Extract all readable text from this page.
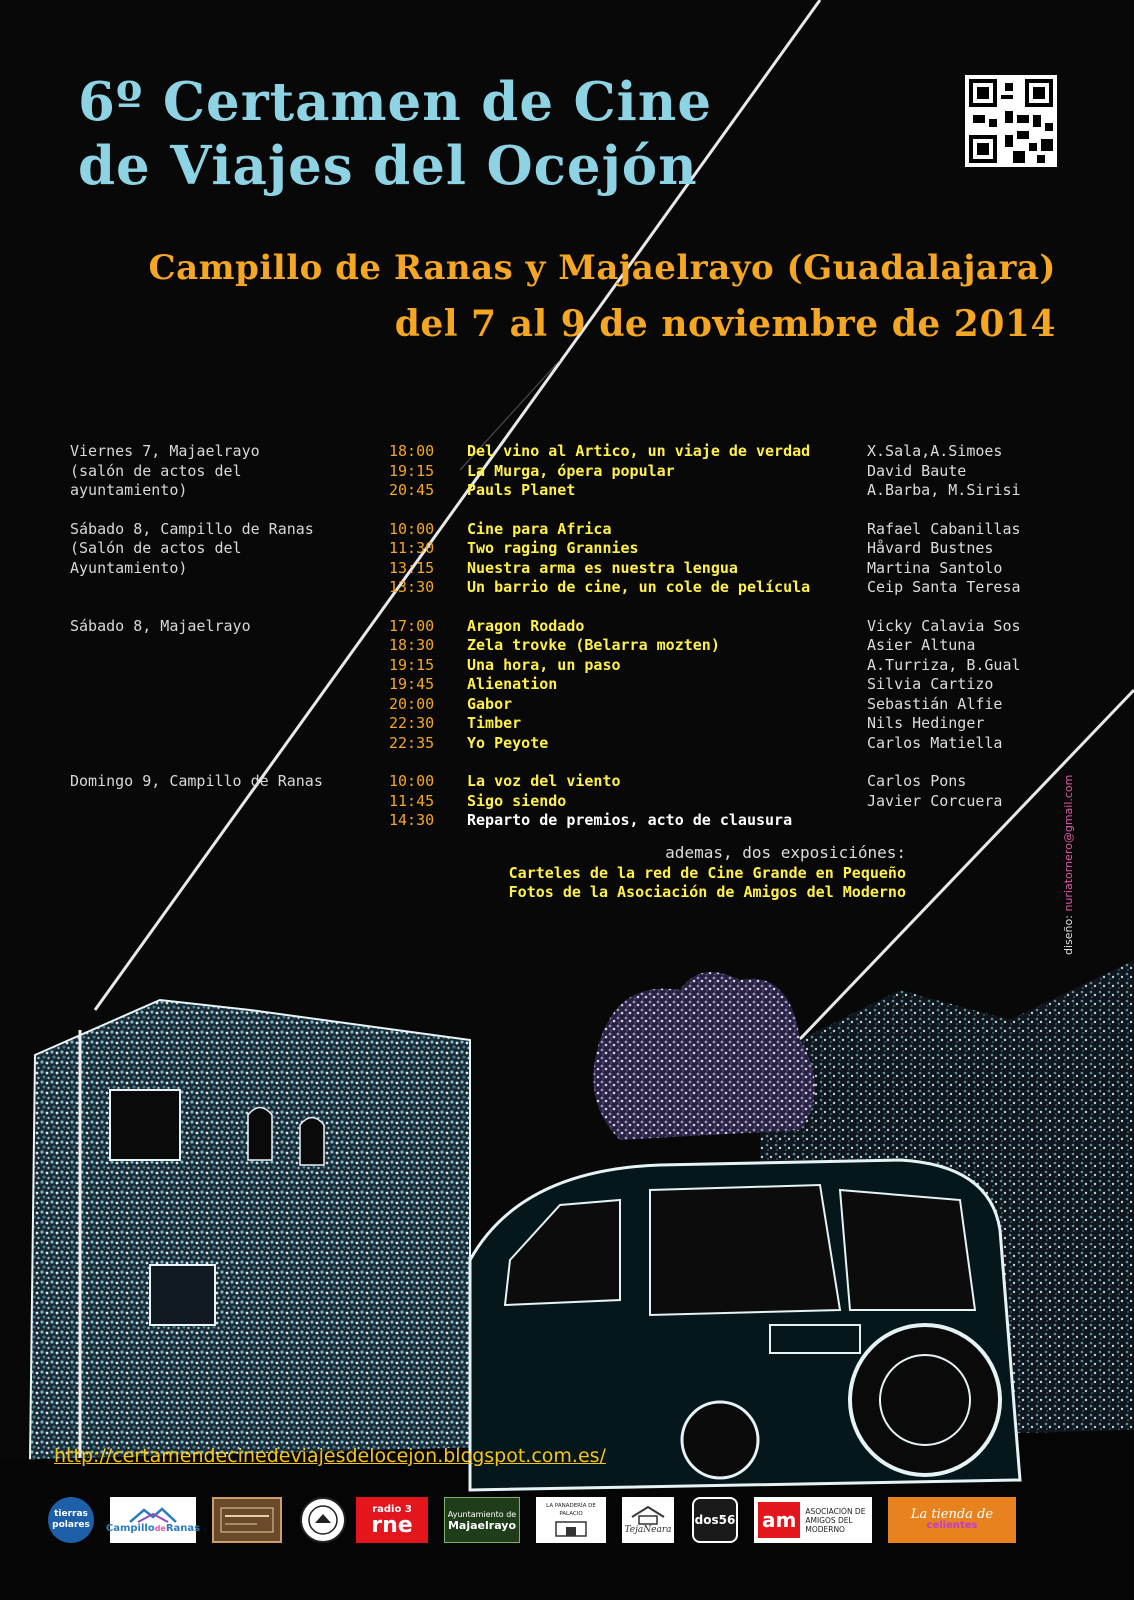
6º Certamen de Cine
de Viajes del Ocejón
Campillo de Ranas y Majaelrayo (Guadalajara)
del 7 al 9 de noviembre de 2014
Viernes 7, Majaelrayo
(salón de actos del
ayuntamiento)
18:00 Del vino al Artico, un viaje de verdad	X.Sala,A.Simoes
19:15 La Murga, ópera popular	David Baute
20:45 Pauls Planet	A.Barba, M.Sirisi
Sábado 8, Campillo de Ranas
(Salón de actos del
Ayuntamiento)
10:00 Cine para Africa	Rafael Cabanillas
11:30 Two raging Grannies	Håvard Bustnes
13:15 Nuestra arma es nuestra lengua	Martina Santolo
13:30 Un barrio de cine, un cole de película	Ceip Santa Teresa
Sábado 8, Majaelrayo	17:00 Aragon Rodado	Vicky Calavia Sos
18:30 Zela trovke (Belarra mozten)	Asier Altuna
19:15 Una hora, un paso	A.Turriza, B.Gual
19:45 Alienation	Silvia Cartizo
20:00 Gabor	Sebastián Alfie
22:30 Timber	Nils Hedinger
22:35 Yo Peyote	Carlos Matiella
Domingo 9, Campillo de Ranas	10:00 La voz del viento	Carlos Pons
11:45 Sigo siendo	Javier Corcuera
14:30 Reparto de premios, acto de clausura
ademas, dos exposiciónes:
Carteles de la red de Cine Grande en Pequeño
Fotos de la Asociación de Amigos del Moderno
diseño: nuriatornero@gmail.com
http://certamendecinedeviajesdelocejon.blogspot.com.es/
tierras polares	CampillodeRanas
radio 3
rne	Ayuntamiento de
Majaelrayo
LA PANADERÍA DE PALACIO
TejaNeara
dos56 am	ASOCIACIÓN DE AMIGOS DEL MODERNO
La tienda de
celientes
